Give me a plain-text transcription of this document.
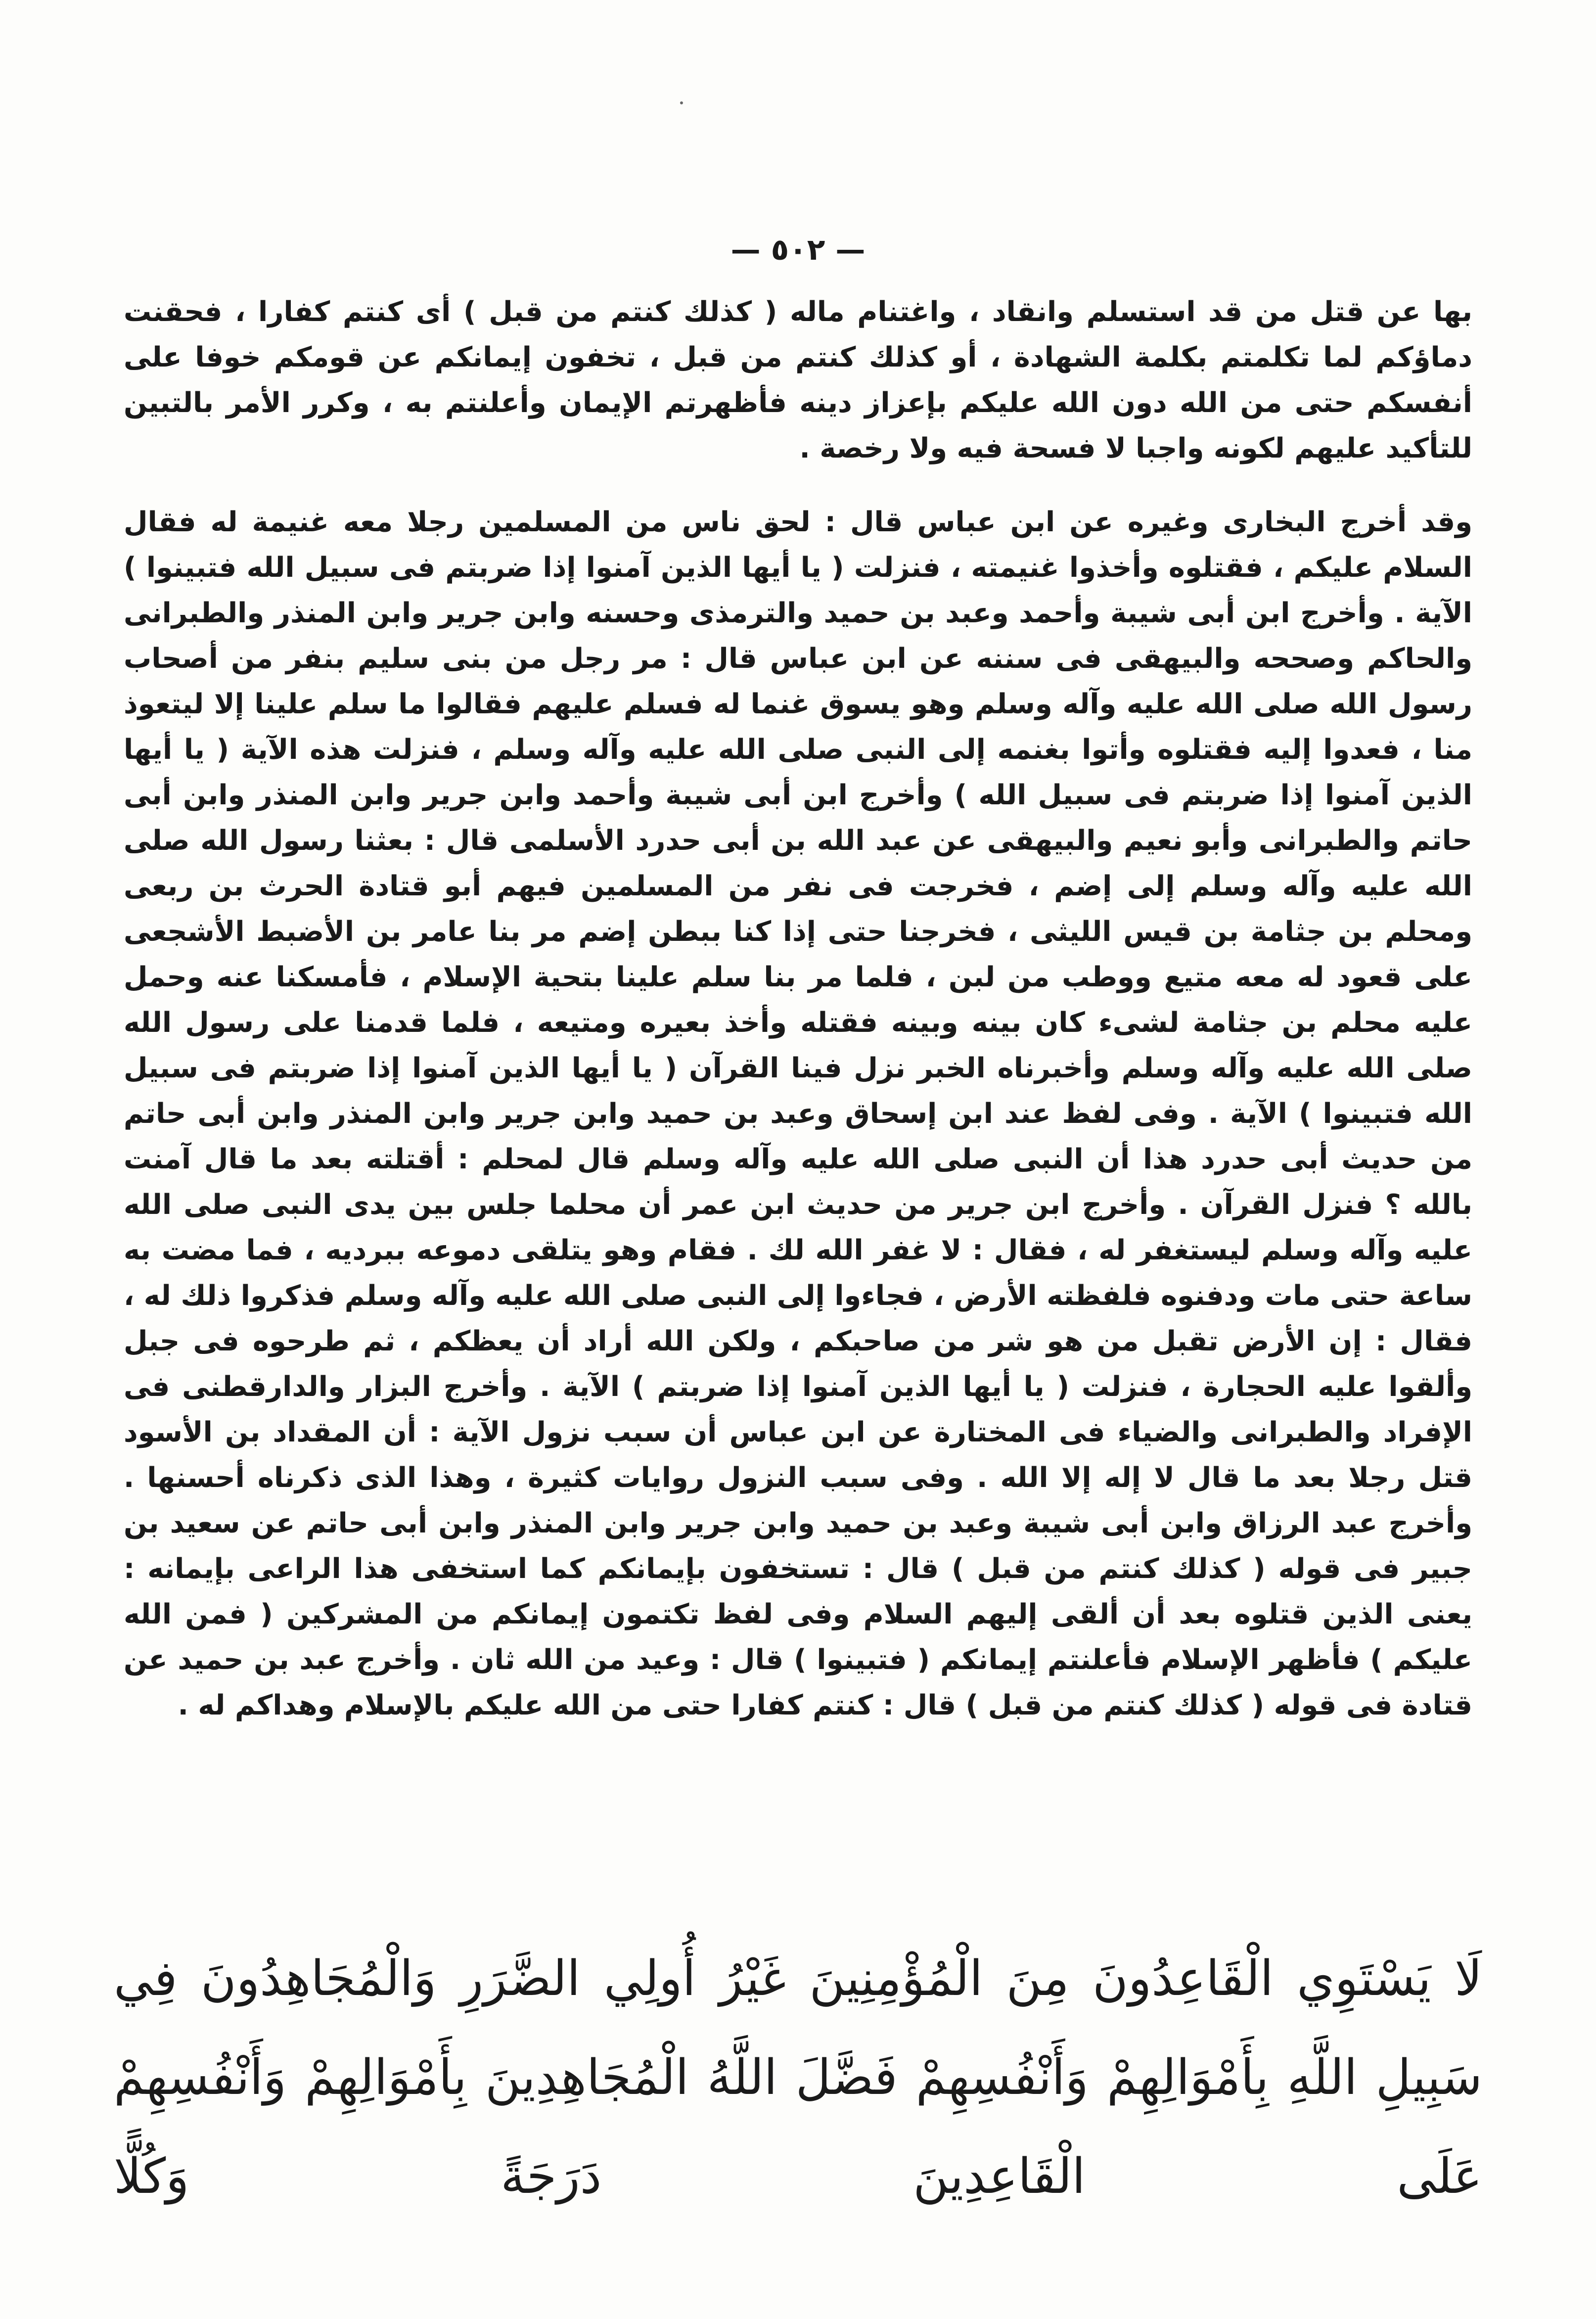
— ٥٠٢ —

بها عن قتل من قد استسلم وانقاد ، واغتنام ماله ( كذلك كنتم من قبل ) أى كنتم كفارا ، فحقنت دماؤكم لما تكلمتم بكلمة الشهادة ، أو كذلك كنتم من قبل ، تخفون إيمانكم عن قومكم خوفا على أنفسكم حتى من الله دون الله عليكم بإعزاز دينه فأظهرتم الإيمان وأعلنتم به ، وكرر الأمر بالتبين للتأكيد عليهم لكونه واجبا لا فسحة فيه ولا رخصة .

وقد أخرج البخارى وغيره عن ابن عباس قال : لحق ناس من المسلمين رجلا معه غنيمة له فقال السلام عليكم ، فقتلوه وأخذوا غنيمته ، فنزلت ( يا أيها الذين آمنوا إذا ضربتم فى سبيل الله فتبينوا ) الآية . وأخرج ابن أبى شيبة وأحمد وعبد بن حميد والترمذى وحسنه وابن جرير وابن المنذر والطبرانى والحاكم وصححه والبيهقى فى سننه عن ابن عباس قال : مر رجل من بنى سليم بنفر من أصحاب رسول الله صلى الله عليه وآله وسلم وهو يسوق غنما له فسلم عليهم فقالوا ما سلم علينا إلا ليتعوذ منا ، فعدوا إليه فقتلوه وأتوا بغنمه إلى النبى صلى الله عليه وآله وسلم ، فنزلت هذه الآية ( يا أيها الذين آمنوا إذا ضربتم فى سبيل الله ) وأخرج ابن أبى شيبة وأحمد وابن جرير وابن المنذر وابن أبى حاتم والطبرانى وأبو نعيم والبيهقى عن عبد الله بن أبى حدرد الأسلمى قال : بعثنا رسول الله صلى الله عليه وآله وسلم إلى إضم ، فخرجت فى نفر من المسلمين فيهم أبو قتادة الحرث بن ربعى ومحلم بن جثامة بن قيس الليثى ، فخرجنا حتى إذا كنا ببطن إضم مر بنا عامر بن الأضبط الأشجعى على قعود له معه متيع ووطب من لبن ، فلما مر بنا سلم علينا بتحية الإسلام ، فأمسكنا عنه وحمل عليه محلم بن جثامة لشىء كان بينه وبينه فقتله وأخذ بعيره ومتيعه ، فلما قدمنا على رسول الله صلى الله عليه وآله وسلم وأخبرناه الخبر نزل فينا القرآن ( يا أيها الذين آمنوا إذا ضربتم فى سبيل الله فتبينوا ) الآية . وفى لفظ عند ابن إسحاق وعبد بن حميد وابن جرير وابن المنذر وابن أبى حاتم من حديث أبى حدرد هذا أن النبى صلى الله عليه وآله وسلم قال لمحلم : أقتلته بعد ما قال آمنت بالله ؟ فنزل القرآن . وأخرج ابن جرير من حديث ابن عمر أن محلما جلس بين يدى النبى صلى الله عليه وآله وسلم ليستغفر له ، فقال : لا غفر الله لك . فقام وهو يتلقى دموعه ببرديه ، فما مضت به ساعة حتى مات ودفنوه فلفظته الأرض ، فجاءوا إلى النبى صلى الله عليه وآله وسلم فذكروا ذلك له ، فقال : إن الأرض تقبل من هو شر من صاحبكم ، ولكن الله أراد أن يعظكم ، ثم طرحوه فى جبل وألقوا عليه الحجارة ، فنزلت ( يا أيها الذين آمنوا إذا ضربتم ) الآية . وأخرج البزار والدارقطنى فى الإفراد والطبرانى والضياء فى المختارة عن ابن عباس أن سبب نزول الآية : أن المقداد بن الأسود قتل رجلا بعد ما قال لا إله إلا الله . وفى سبب النزول روايات كثيرة ، وهذا الذى ذكرناه أحسنها . وأخرج عبد الرزاق وابن أبى شيبة وعبد بن حميد وابن جرير وابن المنذر وابن أبى حاتم عن سعيد بن جبير فى قوله ( كذلك كنتم من قبل ) قال : تستخفون بإيمانكم كما استخفى هذا الراعى بإيمانه : يعنى الذين قتلوه بعد أن ألقى إليهم السلام وفى لفظ تكتمون إيمانكم من المشركين ( فمن الله عليكم ) فأظهر الإسلام فأعلنتم إيمانكم ( فتبينوا ) قال : وعيد من الله ثان . وأخرج عبد بن حميد عن قتادة فى قوله ( كذلك كنتم من قبل ) قال : كنتم كفارا حتى من الله عليكم بالإسلام وهداكم له .

لَا يَسْتَوِي الْقَاعِدُونَ مِنَ الْمُؤْمِنِينَ غَيْرُ أُولِي الضَّرَرِ وَالْمُجَاهِدُونَ فِي سَبِيلِ اللَّهِ بِأَمْوَالِهِمْ وَأَنْفُسِهِمْ فَضَّلَ اللَّهُ الْمُجَاهِدِينَ بِأَمْوَالِهِمْ وَأَنْفُسِهِمْ عَلَى الْقَاعِدِينَ دَرَجَةً وَكُلًّا
